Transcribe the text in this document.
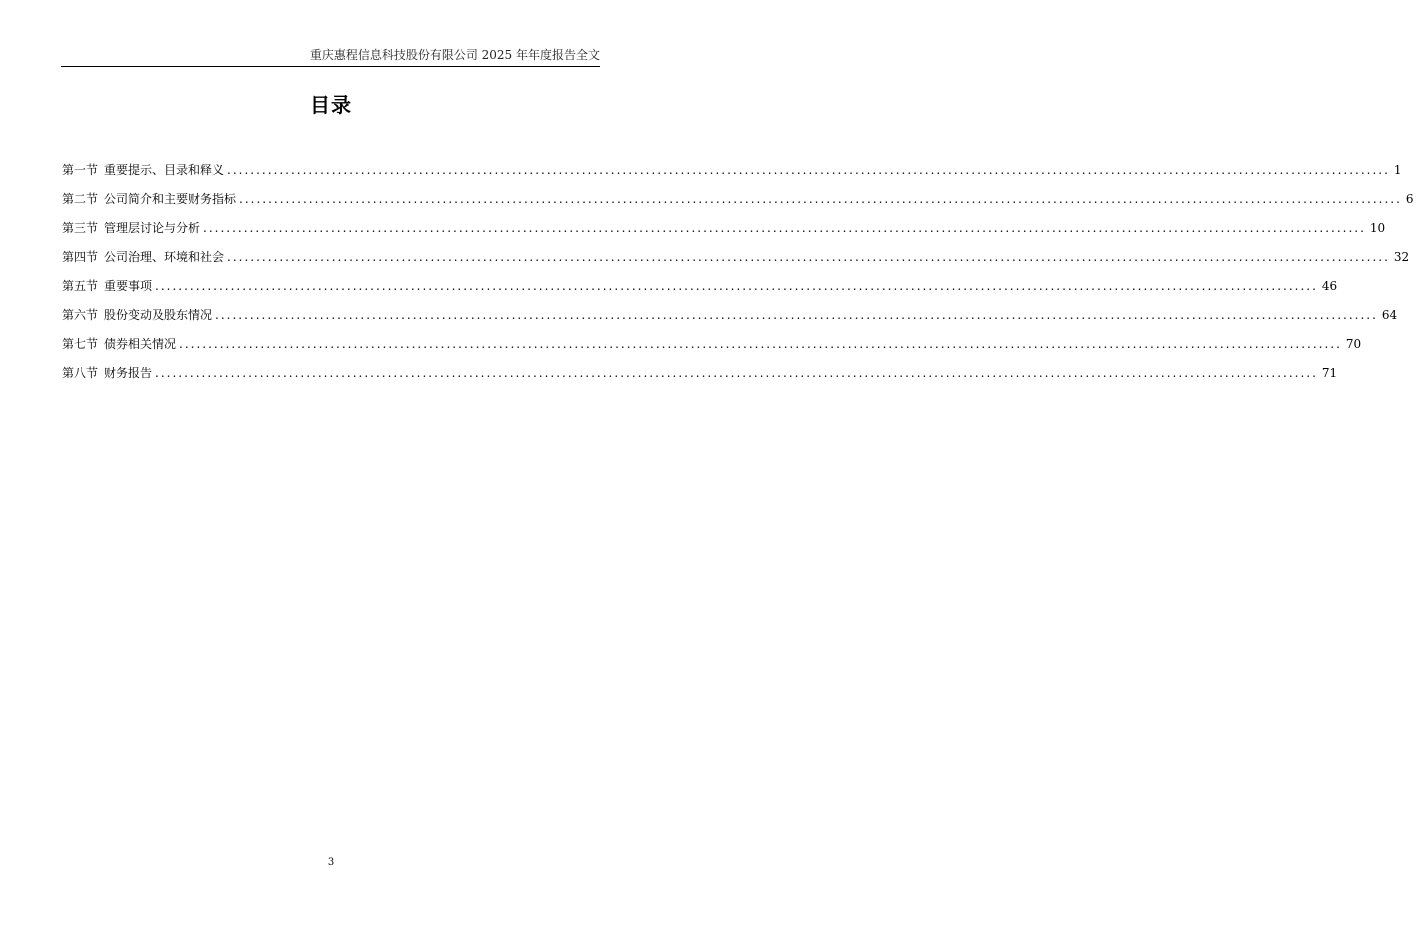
重庆惠程信息科技股份有限公司 2025 年年度报告全文
目录
第一节 重要提示、目录和释义 ........................................................................................................................................................................................................ 1
第二节 公司简介和主要财务指标 ........................................................................................................................................................................................................ 6
第三节 管理层讨论与分析 ........................................................................................................................................................................................................ 10
第四节 公司治理、环境和社会 ........................................................................................................................................................................................................ 32
第五节 重要事项 ........................................................................................................................................................................................................ 46
第六节 股份变动及股东情况 ........................................................................................................................................................................................................ 64
第七节 债券相关情况 ........................................................................................................................................................................................................ 70
第八节 财务报告 ........................................................................................................................................................................................................ 71
3
